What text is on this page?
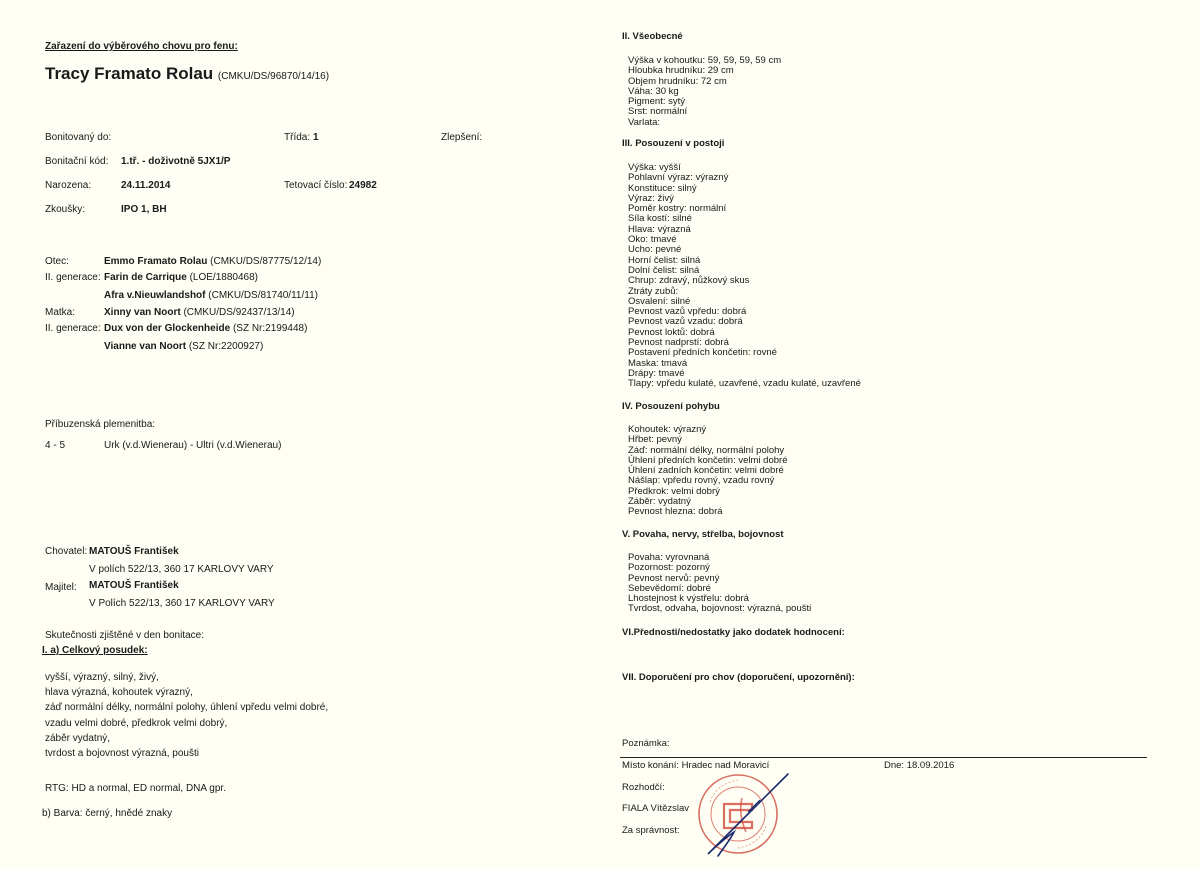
Zařazení do výběrového chovu pro fenu:
Tracy Framato Rolau (CMKU/DS/96870/14/16)
Bonitovaný do:	Třída: 1	Zlepšení:
Bonitační kód: 1.tř. - doživotně 5JX1/P
Narozena:	24.11.2014	Tetovací číslo: 24982
Zkoušky:	IPO 1, BH
Otec:	Emmo Framato Rolau (CMKU/DS/87775/12/14)
II. generace: Farin de Carrique (LOE/1880468)
Afra v.Nieuwlandshof (CMKU/DS/81740/11/11)
Matka:	Xinny van Noort (CMKU/DS/92437/13/14)
II. generace: Dux von der Glockenheide (SZ Nr:2199448)
Vianne van Noort (SZ Nr:2200927)
Příbuzenská plemenitba:
4 - 5	Urk (v.d.Wienerau) - Ultri (v.d.Wienerau)
Chovatel: MATOUŠ František
V polích 522/13, 360 17 KARLOVY VARY
Majitel: MATOUŠ František
V Polích 522/13, 360 17 KARLOVY VARY
Skutečnosti zjištěné v den bonitace:
I. a) Celkový posudek:
vyšší, výrazný, silný, živý,
hlava výrazná, kohoutek výrazný,
záď normální délky, normální polohy, úhlení vpředu velmi dobré,
vzadu velmi dobré, předkrok velmi dobrý,
záběr vydatný,
tvrdost a bojovnost výrazná, poušti
RTG: HD a normal, ED normal, DNA gpr.
b) Barva: černý, hnědé znaky
II. Všeobecné
Výška v kohoutku: 59, 59, 59, 59 cm
Hloubka hrudníku: 29 cm
Objem hrudníku: 72 cm
Váha: 30 kg
Pigment: sytý
Srst: normální
Varlata:
III. Posouzení v postoji
Výška: vyšší
Pohlavní výraz: výrazný
Konstituce: silný
Výraz: živý
Poměr kostry: normální
Síla kostí: silné
Hlava: výrazná
Oko: tmavé
Ucho: pevné
Horní čelist: silná
Dolní čelist: silná
Chrup: zdravý, nůžkový skus
Ztráty zubů:
Osvalení: silné
Pevnost vazů vpředu: dobrá
Pevnost vazů vzadu: dobrá
Pevnost loktů: dobrá
Pevnost nadprstí: dobrá
Postavení předních končetin: rovné
Maska: tmavá
Drápy: tmavé
Tlapy: vpředu kulaté, uzavřené, vzadu kulaté, uzavřené
IV. Posouzení pohybu
Kohoutek: výrazný
Hřbet: pevný
Záď: normální délky, normální polohy
Úhlení předních končetin: velmi dobré
Úhlení zadních končetin: velmi dobré
Nášlap: vpředu rovný, vzadu rovný
Předkrok: velmi dobrý
Záběr: vydatný
Pevnost hlezna: dobrá
V. Povaha, nervy, střelba, bojovnost
Povaha: vyrovnaná
Pozornost: pozorný
Pevnost nervů: pevný
Sebevědomí: dobré
Lhostejnost k výstřelu: dobrá
Tvrdost, odvaha, bojovnost: výrazná, poušti
VI.Přednosti/nedostatky jako dodatek hodnocení:
VII. Doporučení pro chov (doporučení, upozornění):
Poznámka:
Místo konání: Hradec nad Moravicí	Dne: 18.09.2016
Rozhodčí:
FIALA Vítězslav
Za správnost:
